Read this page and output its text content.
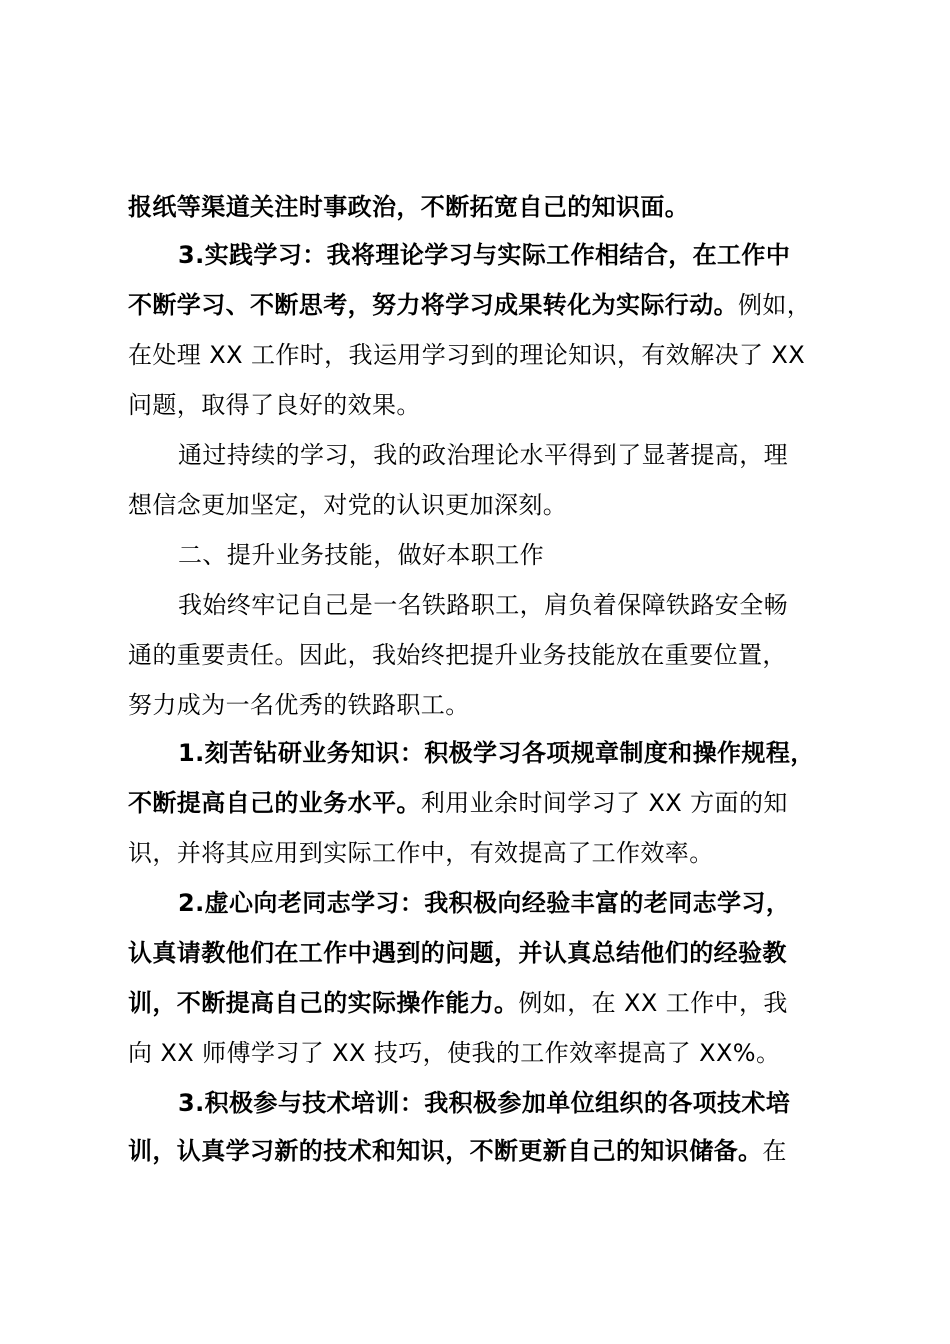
报纸等渠道关注时事政治，不断拓宽自己的知识面。
3.实践学习：我将理论学习与实际工作相结合，在工作中
不断学习、不断思考，努力将学习成果转化为实际行动。例如，
在处理 XX 工作时，我运用学习到的理论知识，有效解决了 XX
问题，取得了良好的效果。
通过持续的学习，我的政治理论水平得到了显著提高，理
想信念更加坚定，对党的认识更加深刻。
二、提升业务技能，做好本职工作
我始终牢记自己是一名铁路职工，肩负着保障铁路安全畅
通的重要责任。因此，我始终把提升业务技能放在重要位置，
努力成为一名优秀的铁路职工。
1.刻苦钻研业务知识：积极学习各项规章制度和操作规程，
不断提高自己的业务水平。利用业余时间学习了 XX 方面的知
识，并将其应用到实际工作中，有效提高了工作效率。
2.虚心向老同志学习：我积极向经验丰富的老同志学习，
认真请教他们在工作中遇到的问题，并认真总结他们的经验教
训，不断提高自己的实际操作能力。例如，在 XX 工作中，我
向 XX 师傅学习了 XX 技巧，使我的工作效率提高了 XX%。
3.积极参与技术培训：我积极参加单位组织的各项技术培
训，认真学习新的技术和知识，不断更新自己的知识储备。在
